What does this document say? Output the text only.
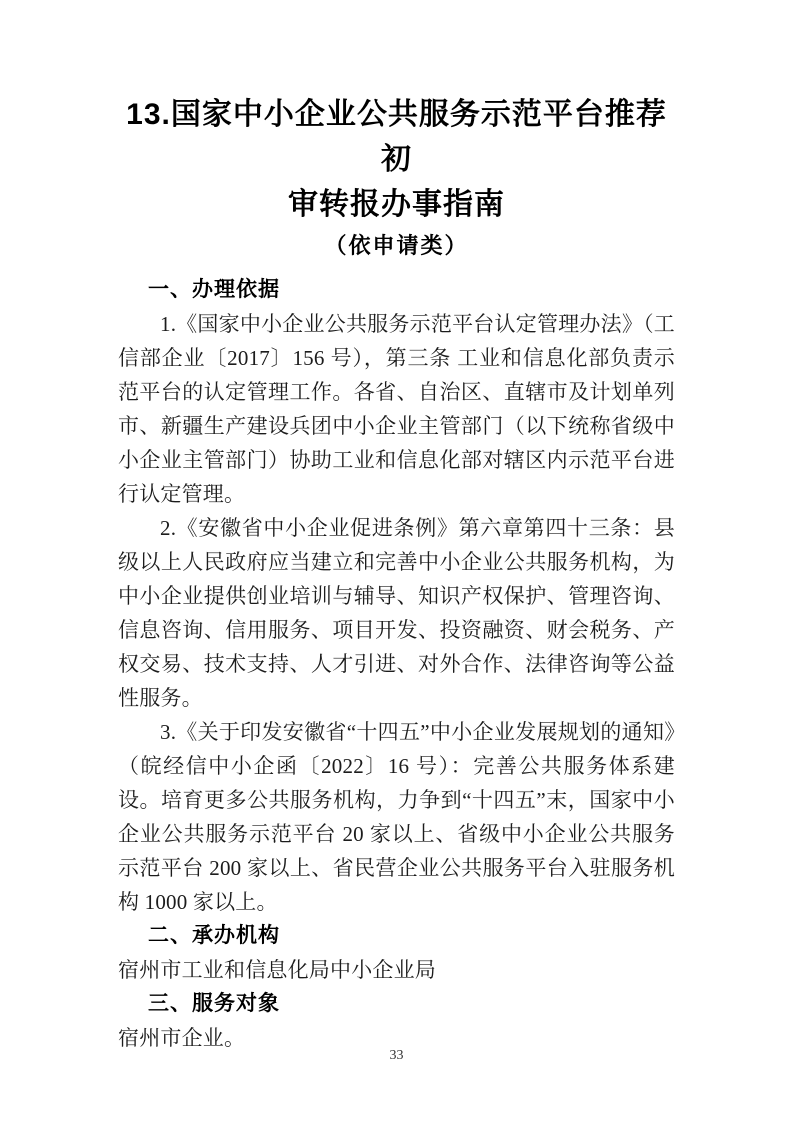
13.国家中小企业公共服务示范平台推荐初
审转报办事指南
（依申请类）
一、办理依据

1.《国家中小企业公共服务示范平台认定管理办法》（工信部企业〔2017〕156 号），第三条 工业和信息化部负责示范平台的认定管理工作。各省、自治区、直辖市及计划单列市、新疆生产建设兵团中小企业主管部门（以下统称省级中小企业主管部门）协助工业和信息化部对辖区内示范平台进行认定管理。

2.《安徽省中小企业促进条例》第六章第四十三条：县级以上人民政府应当建立和完善中小企业公共服务机构，为中小企业提供创业培训与辅导、知识产权保护、管理咨询、信息咨询、信用服务、项目开发、投资融资、财会税务、产权交易、技术支持、人才引进、对外合作、法律咨询等公益性服务。

3.《关于印发安徽省“十四五”中小企业发展规划的通知》（皖经信中小企函〔2022〕16 号）：完善公共服务体系建设。培育更多公共服务机构，力争到“十四五”末，国家中小企业公共服务示范平台 20 家以上、省级中小企业公共服务示范平台 200 家以上、省民营企业公共服务平台入驻服务机构 1000 家以上。

二、承办机构

宿州市工业和信息化局中小企业局

三、服务对象

宿州市企业。

33
